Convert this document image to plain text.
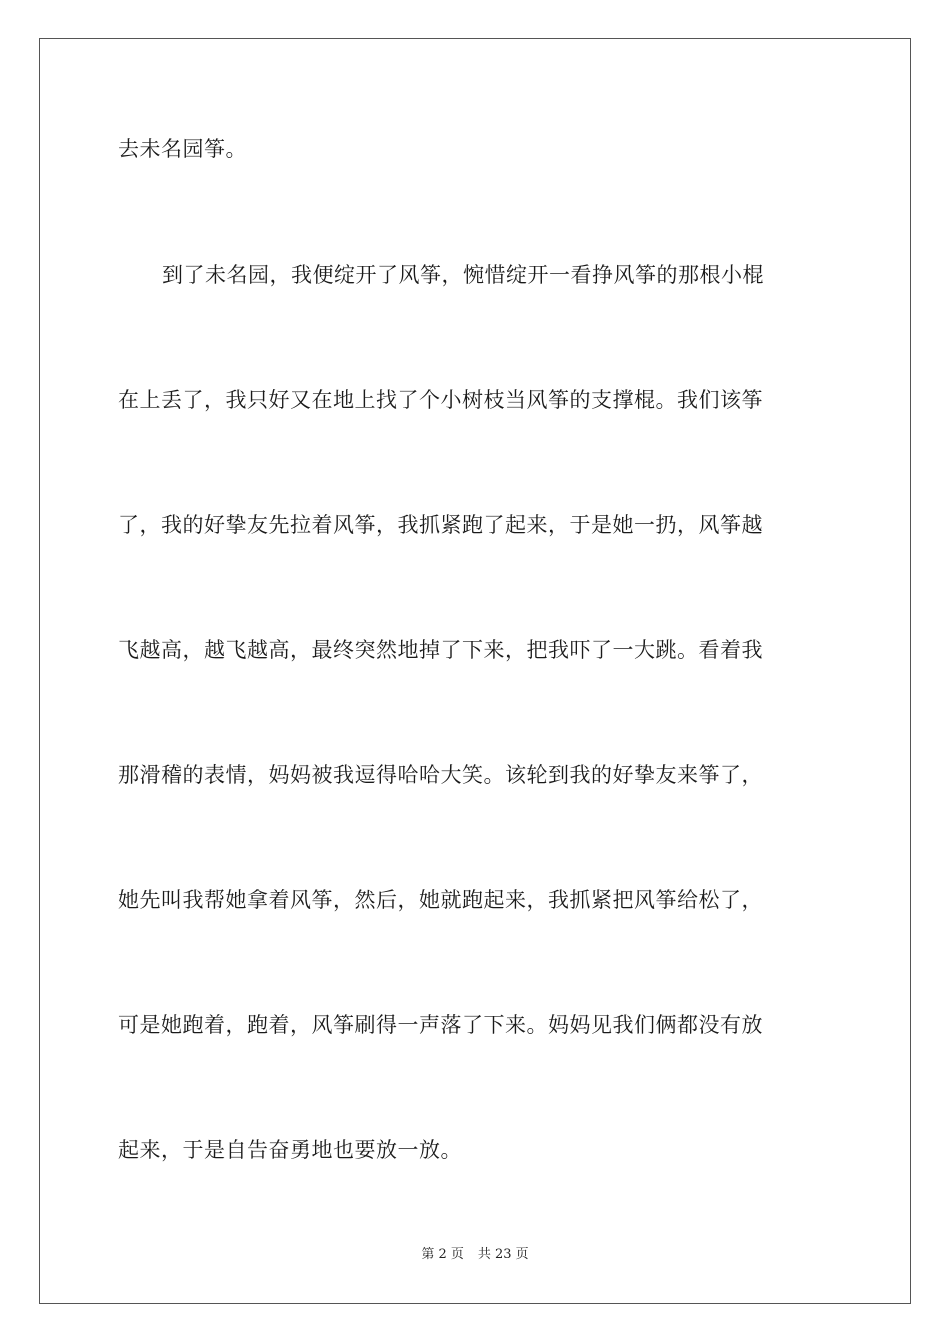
去未名园筝。
到了未名园，我便绽开了风筝，惋惜绽开一看挣风筝的那根小棍
在上丢了，我只好又在地上找了个小树枝当风筝的支撑棍。我们该筝
了，我的好挚友先拉着风筝，我抓紧跑了起来，于是她一扔，风筝越
飞越高，越飞越高，最终突然地掉了下来，把我吓了一大跳。看着我
那滑稽的表情，妈妈被我逗得哈哈大笑。该轮到我的好挚友来筝了，
她先叫我帮她拿着风筝，然后，她就跑起来，我抓紧把风筝给松了，
可是她跑着，跑着，风筝刷得一声落了下来。妈妈见我们俩都没有放
起来，于是自告奋勇地也要放一放。
第 2 页 共 23 页
